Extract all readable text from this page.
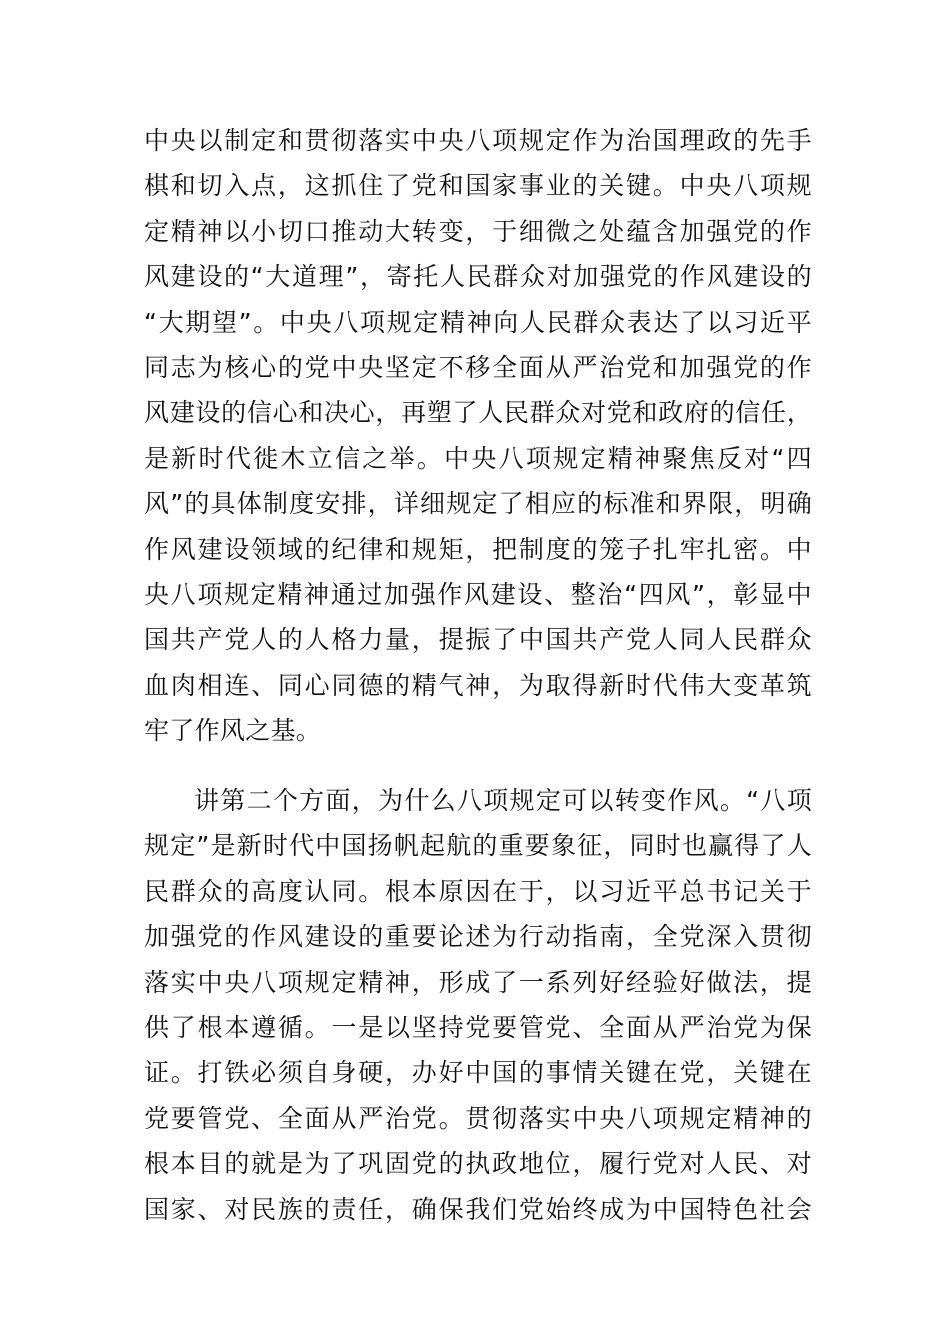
中央以制定和贯彻落实中央八项规定作为治国理政的先手
棋和切入点，这抓住了党和国家事业的关键。中央八项规
定精神以小切口推动大转变，于细微之处蕴含加强党的作
风建设的“大道理”，寄托人民群众对加强党的作风建设的
“大期望”。中央八项规定精神向人民群众表达了以习近平
同志为核心的党中央坚定不移全面从严治党和加强党的作
风建设的信心和决心，再塑了人民群众对党和政府的信任，
是新时代徙木立信之举。中央八项规定精神聚焦反对“四
风”的具体制度安排，详细规定了相应的标准和界限，明确
作风建设领域的纪律和规矩，把制度的笼子扎牢扎密。中
央八项规定精神通过加强作风建设、整治“四风”，彰显中
国共产党人的人格力量，提振了中国共产党人同人民群众
血肉相连、同心同德的精气神，为取得新时代伟大变革筑
牢了作风之基。
讲第二个方面，为什么八项规定可以转变作风。“八项
规定”是新时代中国扬帆起航的重要象征，同时也赢得了人
民群众的高度认同。根本原因在于，以习近平总书记关于
加强党的作风建设的重要论述为行动指南，全党深入贯彻
落实中央八项规定精神，形成了一系列好经验好做法，提
供了根本遵循。一是以坚持党要管党、全面从严治党为保
证。打铁必须自身硬，办好中国的事情关键在党，关键在
党要管党、全面从严治党。贯彻落实中央八项规定精神的
根本目的就是为了巩固党的执政地位，履行党对人民、对
国家、对民族的责任，确保我们党始终成为中国特色社会
